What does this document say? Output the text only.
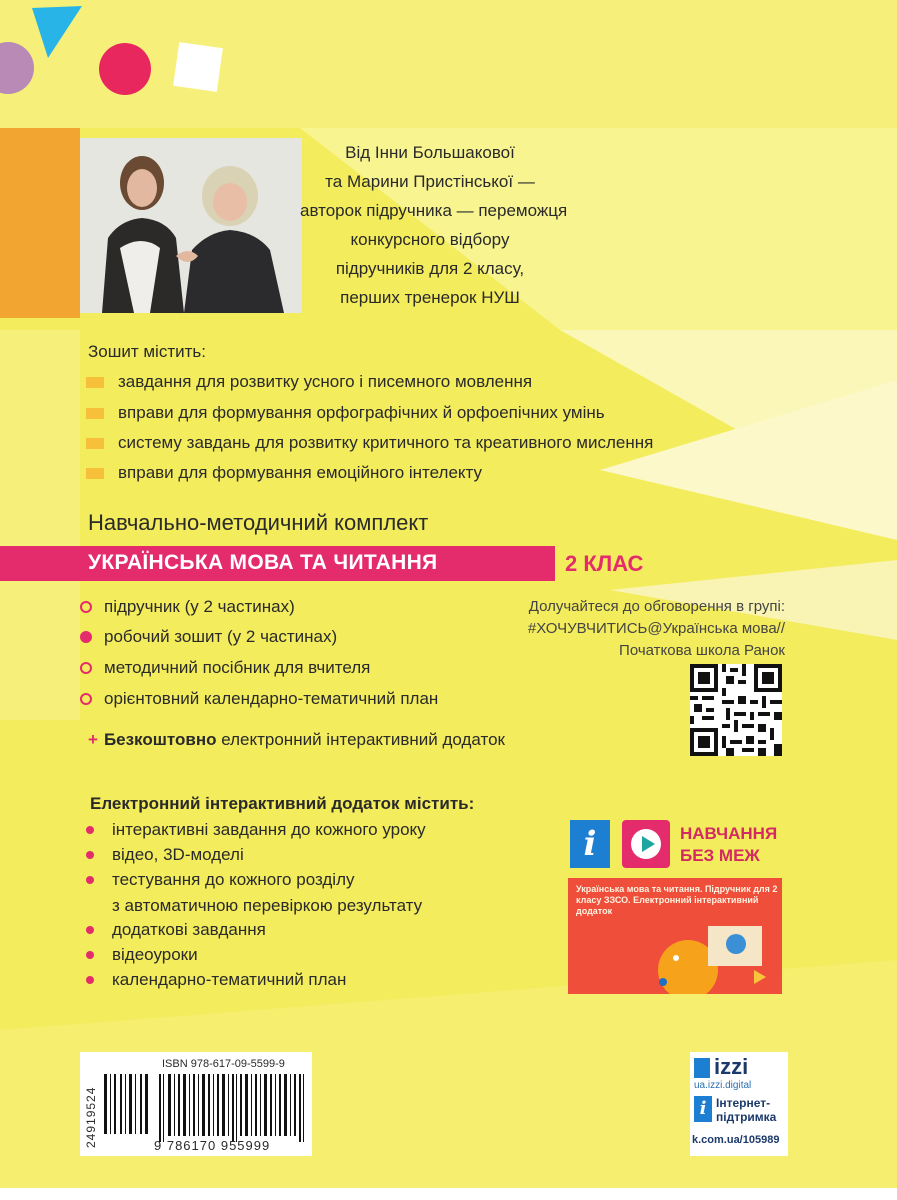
Від Інни Большакової
та Марини Пристінської —
авторок підручника — переможця
конкурсного відбору
підручників для 2 класу,
перших тренерок НУШ
Зошит містить:
завдання для розвитку усного і писемного мовлення
вправи для формування орфографічних й орфоепічних умінь
систему завдань для розвитку критичного та креативного мислення
вправи для формування емоційного інтелекту
Навчально-методичний комплект
УКРАЇНСЬКА МОВА ТА ЧИТАННЯ	2 КЛАС
підручник (у 2 частинах)
робочий зошит (у 2 частинах)
методичний посібник для вчителя
орієнтовний календарно-тематичний план
+ Безкоштовно електронний інтерактивний додаток
Долучайтеся до обговорення в групі:
#ХОЧУВЧИТИСЬ@Українська мова//
Початкова школа Ранок
Електронний інтерактивний додаток містить:
інтерактивні завдання до кожного уроку
відео, 3D-моделі
тестування до кожного розділу
з автоматичною перевіркою результату
додаткові завдання
відеоуроки
календарно-тематичний план
i	НАВЧАННЯ
БЕЗ МЕЖ
Українська мова та читання. Підручник для 2 класу ЗЗСО. Електронний інтерактивний додаток
ISBN 978-617-09-5599-9
9 786170 955999
24919524
izzi
ua.izzi.digital
i Інтернет-
підтримка
k.com.ua/105989
